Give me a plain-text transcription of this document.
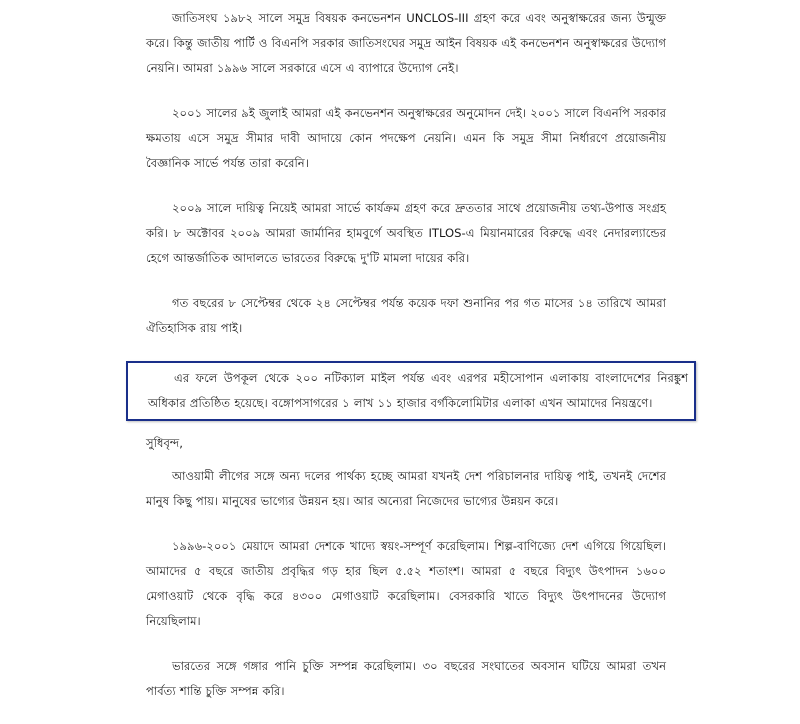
জাতিসংঘ ১৯৮২ সালে সমুদ্র বিষয়ক কনভেনশন UNCLOS-III গ্রহণ করে এবং অনুস্বাক্ষরের জন্য উন্মুক্ত করে। কিন্তু জাতীয় পার্টি ও বিএনপি সরকার জাতিসংঘের সমুদ্র আইন বিষয়ক এই কনভেনশন অনুস্বাক্ষরের উদ্যোগ নেয়নি। আমরা ১৯৯৬ সালে সরকারে এসে এ ব্যাপারে উদ্যোগ নেই।

২০০১ সালের ৯ই জুলাই আমরা এই কনভেনশন অনুস্বাক্ষরের অনুমোদন দেই। ২০০১ সালে বিএনপি সরকার ক্ষমতায় এসে সমুদ্র সীমার দাবী আদায়ে কোন পদক্ষেপ নেয়নি। এমন কি সমুদ্র সীমা নির্ধারণে প্রয়োজনীয় বৈজ্ঞানিক সার্ভে পর্যন্ত তারা করেনি।

২০০৯ সালে দায়িত্ব নিয়েই আমরা সার্ভে কার্যক্রম গ্রহণ করে দ্রুততার সাথে প্রয়োজনীয় তথ্য-উপাত্ত সংগ্রহ করি। ৮ অক্টোবর ২০০৯ আমরা জার্মানির হামবুর্গে অবস্থিত ITLOS-এ মিয়ানমারের বিরুদ্ধে এবং নেদারল্যান্ডের হেগে আন্তর্জাতিক আদালতে ভারতের বিরুদ্ধে দু'টি মামলা দায়ের করি।

গত বছরের ৮ সেপ্টেম্বর থেকে ২৪ সেপ্টেম্বর পর্যন্ত কয়েক দফা শুনানির পর গত মাসের ১৪ তারিখে আমরা ঐতিহাসিক রায় পাই।

এর ফলে উপকূল থেকে ২০০ নটিক্যাল মাইল পর্যন্ত এবং এরপর মহীসোপান এলাকায় বাংলাদেশের নিরঙ্কুশ অধিকার প্রতিষ্ঠিত হয়েছে। বঙ্গোপসাগরের ১ লাখ ১১ হাজার বর্গকিলোমিটার এলাকা এখন আমাদের নিয়ন্ত্রণে।

সুধিবৃন্দ,

আওয়ামী লীগের সঙ্গে অন্য দলের পার্থক্য হচ্ছে আমরা যখনই দেশ পরিচালনার দায়িত্ব পাই, তখনই দেশের মানুষ কিছু পায়। মানুষের ভাগ্যের উন্নয়ন হয়। আর অন্যেরা নিজেদের ভাগ্যের উন্নয়ন করে।

১৯৯৬-২০০১ মেয়াদে আমরা দেশকে খাদ্যে স্বয়ং-সম্পূর্ণ করেছিলাম। শিল্প-বাণিজ্যে দেশ এগিয়ে গিয়েছিল। আমাদের ৫ বছরে জাতীয় প্রবৃদ্ধির গড় হার ছিল ৫.৫২ শতাংশ। আমরা ৫ বছরে বিদ্যুৎ উৎপাদন ১৬০০ মেগাওয়াট থেকে বৃদ্ধি করে ৪৩০০ মেগাওয়াট করেছিলাম। বেসরকারি খাতে বিদ্যুৎ উৎপাদনের উদ্যোগ নিয়েছিলাম।

ভারতের সঙ্গে গঙ্গার পানি চুক্তি সম্পন্ন করেছিলাম। ৩০ বছরের সংঘাতের অবসান ঘটিয়ে আমরা তখন পার্বত্য শান্তি চুক্তি সম্পন্ন করি।
